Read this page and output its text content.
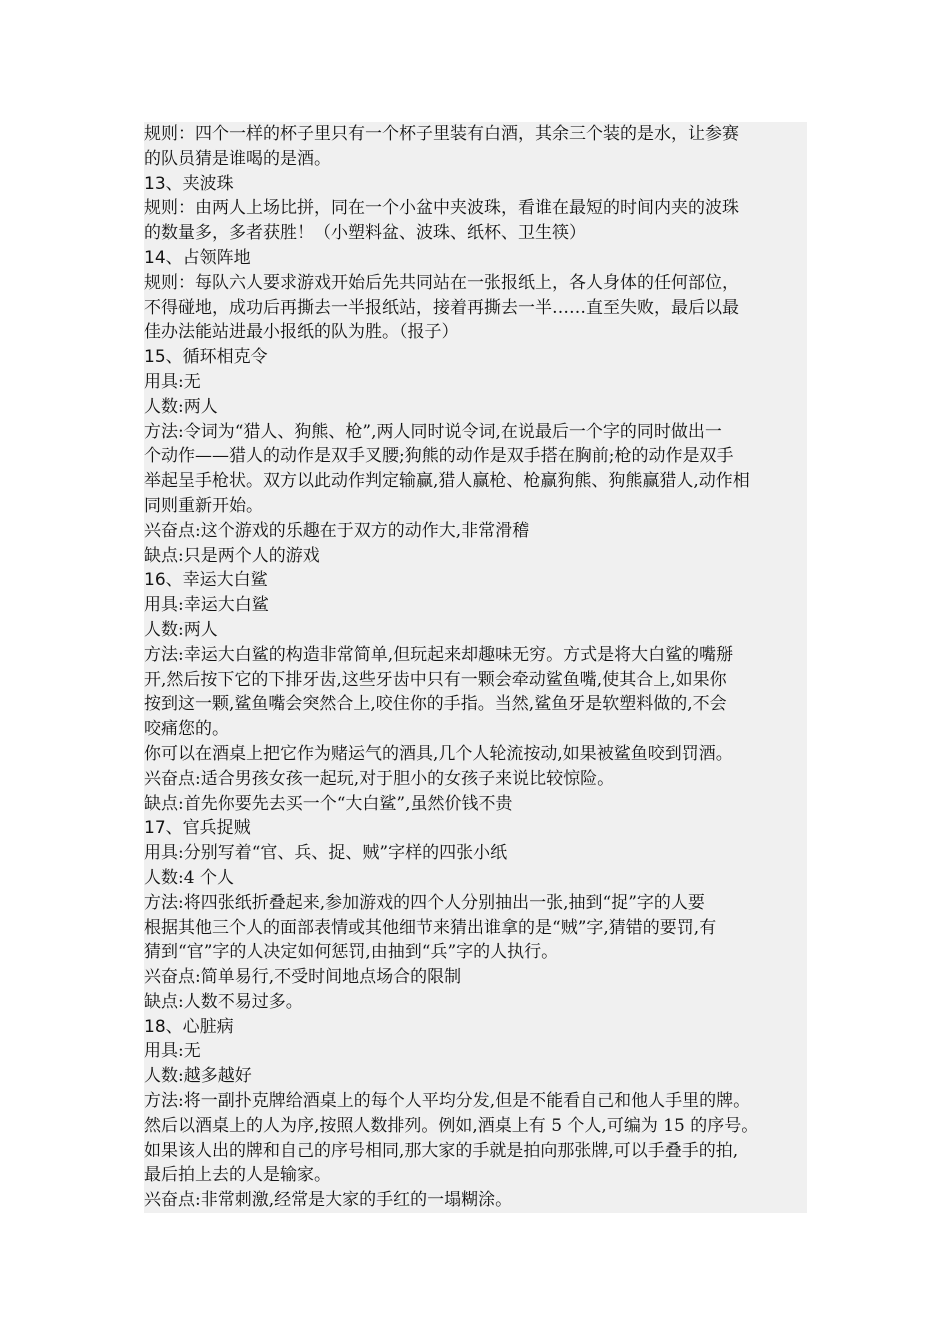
规则：四个一样的杯子里只有一个杯子里装有白酒，其余三个装的是水，让参赛
的队员猜是谁喝的是酒。
13、夹波珠
规则：由两人上场比拼，同在一个小盆中夹波珠，看谁在最短的时间内夹的波珠
的数量多，多者获胜！（小塑料盆、波珠、纸杯、卫生筷）
14、占领阵地
规则：每队六人要求游戏开始后先共同站在一张报纸上，各人身体的任何部位，
不得碰地，成功后再撕去一半报纸站，接着再撕去一半……直至失败，最后以最
佳办法能站进最小报纸的队为胜。（报子）
15、循环相克令
用具:无
人数:两人
方法:令词为“猎人、狗熊、枪”,两人同时说令词,在说最后一个字的同时做出一
个动作——猎人的动作是双手叉腰;狗熊的动作是双手搭在胸前;枪的动作是双手
举起呈手枪状。双方以此动作判定输赢,猎人赢枪、枪赢狗熊、狗熊赢猎人,动作相
同则重新开始。
兴奋点:这个游戏的乐趣在于双方的动作大,非常滑稽
缺点:只是两个人的游戏
16、幸运大白鲨
用具:幸运大白鲨
人数:两人
方法:幸运大白鲨的构造非常简单,但玩起来却趣味无穷。方式是将大白鲨的嘴掰
开,然后按下它的下排牙齿,这些牙齿中只有一颗会牵动鲨鱼嘴,使其合上,如果你
按到这一颗,鲨鱼嘴会突然合上,咬住你的手指。当然,鲨鱼牙是软塑料做的,不会
咬痛您的。
你可以在酒桌上把它作为赌运气的酒具,几个人轮流按动,如果被鲨鱼咬到罚酒。
兴奋点:适合男孩女孩一起玩,对于胆小的女孩子来说比较惊险。
缺点:首先你要先去买一个“大白鲨”,虽然价钱不贵
17、官兵捉贼
用具:分别写着“官、兵、捉、贼”字样的四张小纸
人数:4 个人
方法:将四张纸折叠起来,参加游戏的四个人分别抽出一张,抽到“捉”字的人要
根据其他三个人的面部表情或其他细节来猜出谁拿的是“贼”字,猜错的要罚,有
猜到“官”字的人决定如何惩罚,由抽到“兵”字的人执行。
兴奋点:简单易行,不受时间地点场合的限制
缺点:人数不易过多。
18、心脏病
用具:无
人数:越多越好
方法:将一副扑克牌给酒桌上的每个人平均分发,但是不能看自己和他人手里的牌。
然后以酒桌上的人为序,按照人数排列。例如,酒桌上有 5 个人,可编为 15 的序号。
如果该人出的牌和自己的序号相同,那大家的手就是拍向那张牌,可以手叠手的拍,
最后拍上去的人是输家。
兴奋点:非常刺激,经常是大家的手红的一塌糊涂。
